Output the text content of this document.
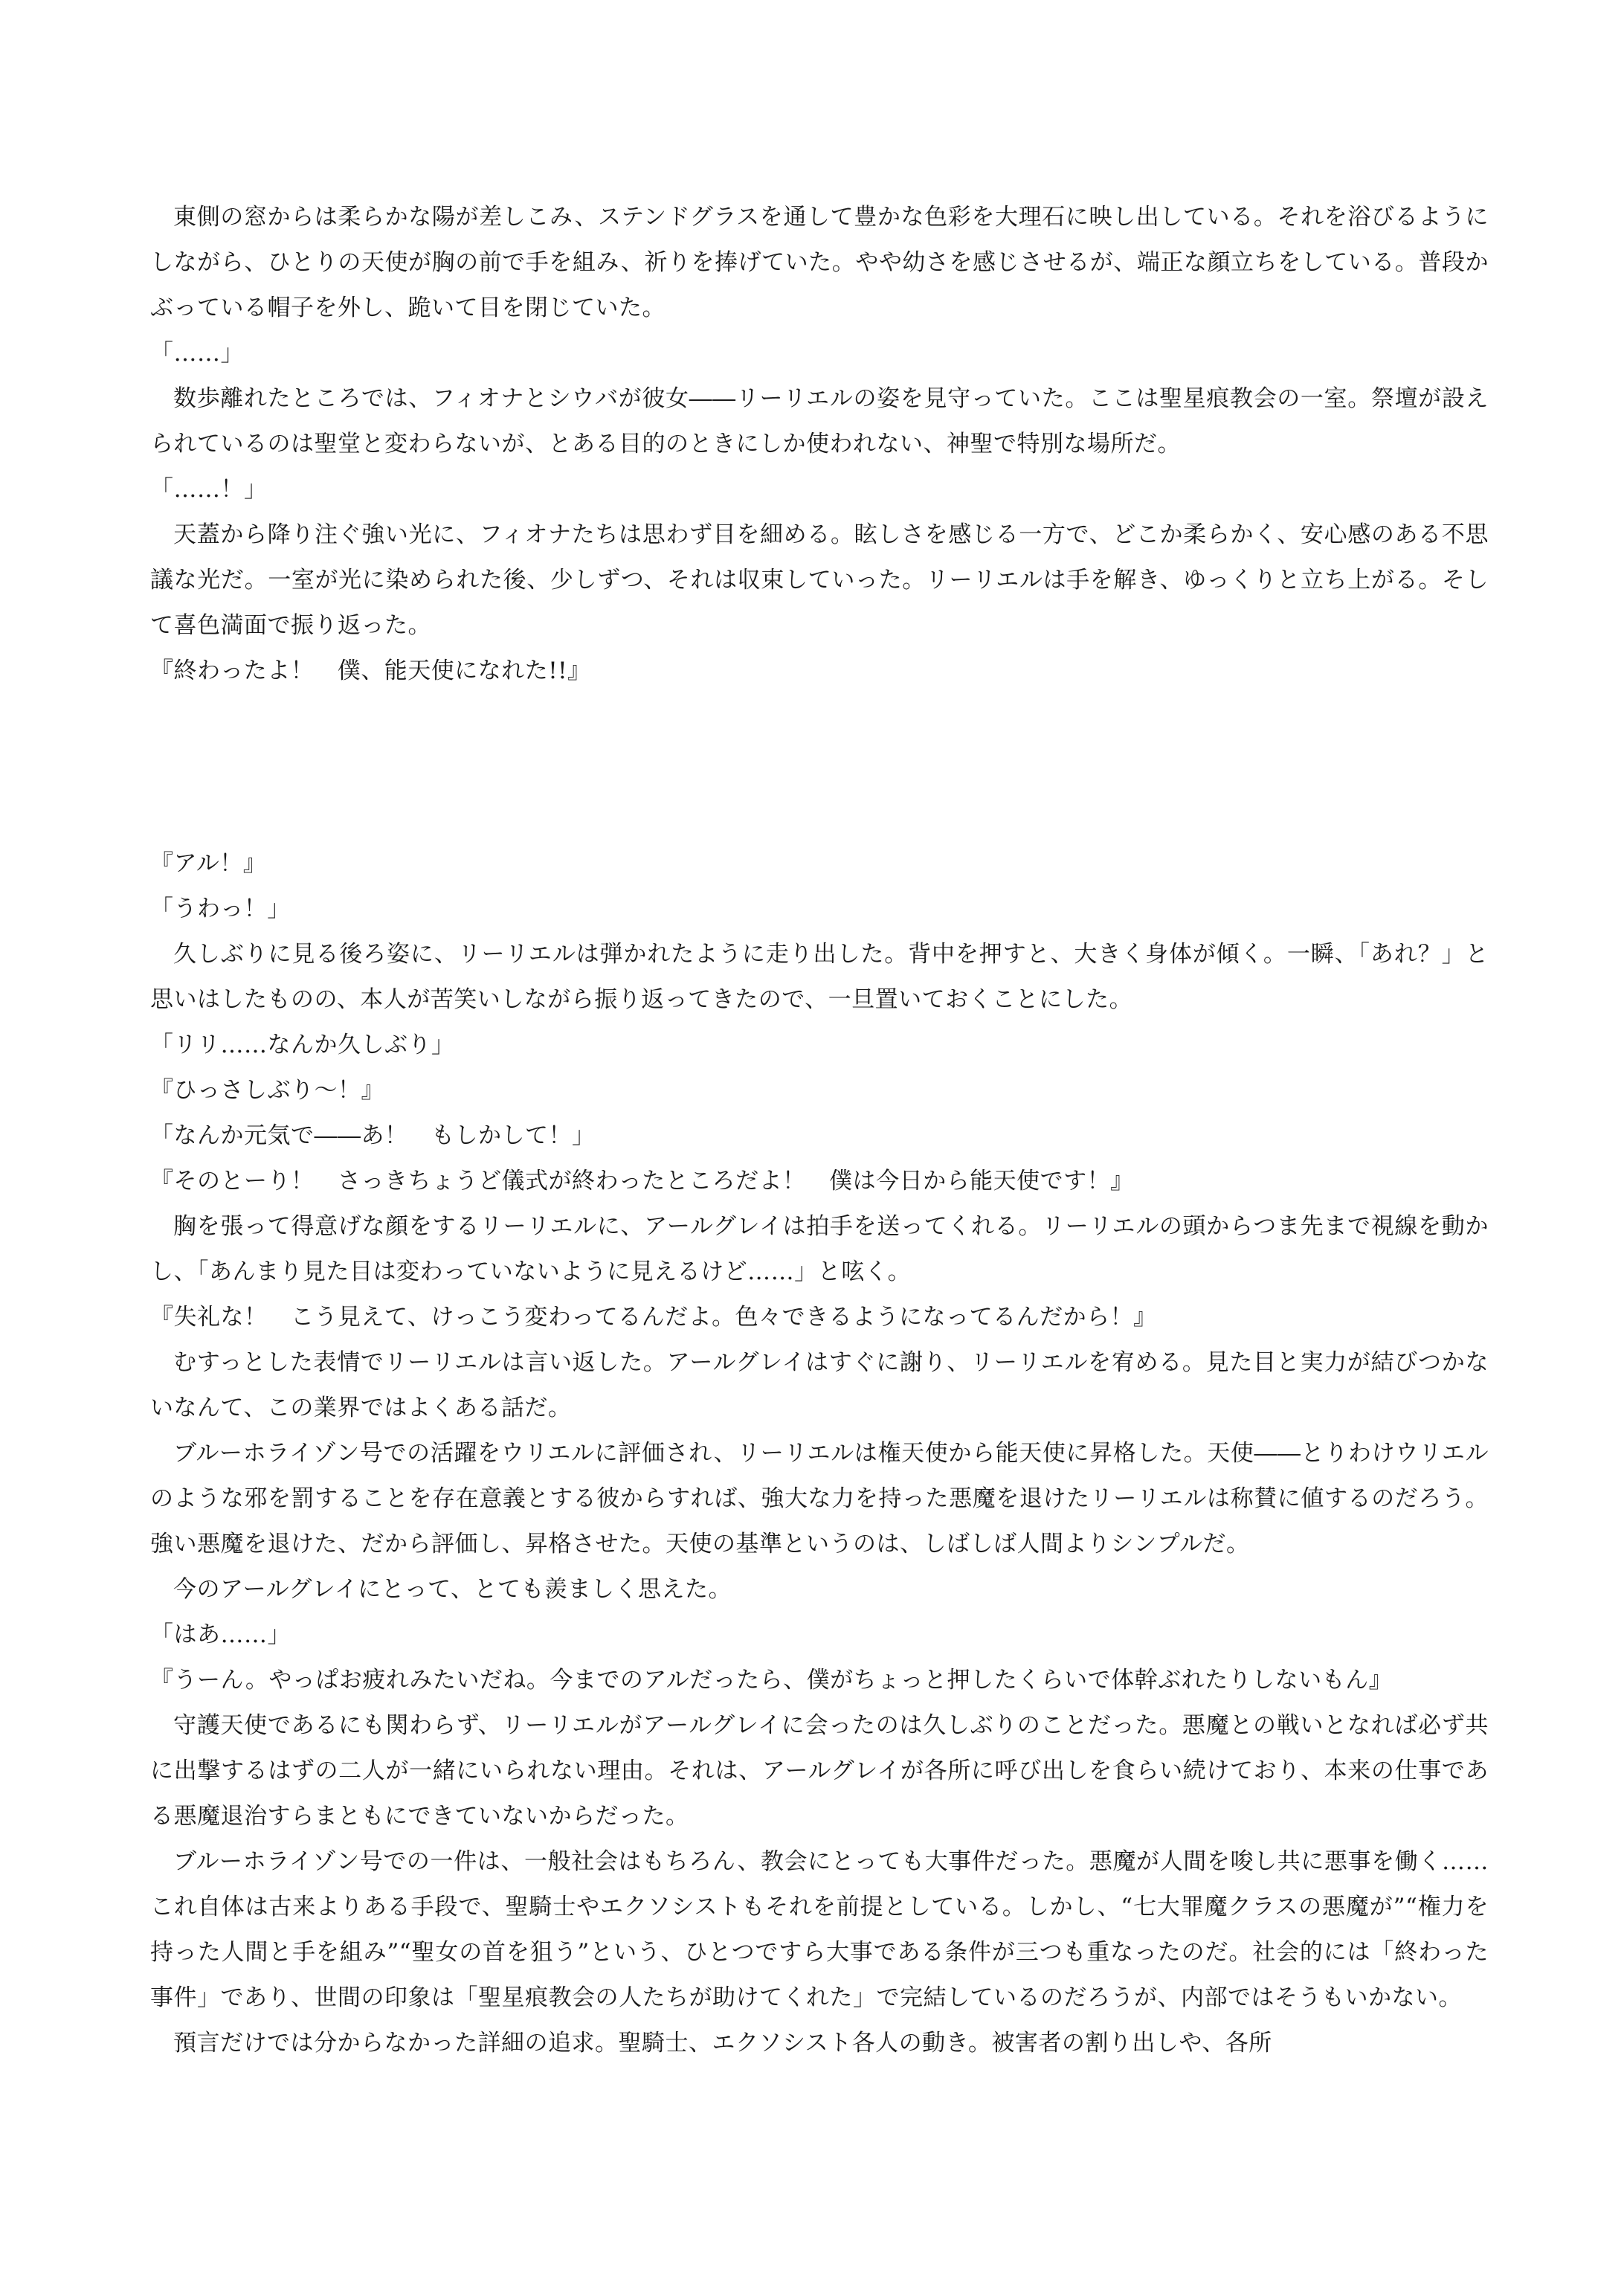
東側の窓からは柔らかな陽が差しこみ、ステンドグラスを通して豊かな色彩を大理石に映し出している。それを浴びるようにしながら、ひとりの天使が胸の前で手を組み、祈りを捧げていた。やや幼さを感じさせるが、端正な顔立ちをしている。普段かぶっている帽子を外し、跪いて目を閉じていた。

「……」

数歩離れたところでは、フィオナとシウバが彼女――リーリエルの姿を見守っていた。ここは聖星痕教会の一室。祭壇が設えられているのは聖堂と変わらないが、とある目的のときにしか使われない、神聖で特別な場所だ。

「……！」

天蓋から降り注ぐ強い光に、フィオナたちは思わず目を細める。眩しさを感じる一方で、どこか柔らかく、安心感のある不思議な光だ。一室が光に染められた後、少しずつ、それは収束していった。リーリエルは手を解き、ゆっくりと立ち上がる。そして喜色満面で振り返った。

『終わったよ！　僕、能天使になれた!!』

『アル！』

「うわっ！」

久しぶりに見る後ろ姿に、リーリエルは弾かれたように走り出した。背中を押すと、大きく身体が傾く。一瞬、「あれ？」と思いはしたものの、本人が苦笑いしながら振り返ってきたので、一旦置いておくことにした。

「リリ……なんか久しぶり」

『ひっさしぶり～！』

「なんか元気で――あ！　もしかして！」

『そのとーり！　さっきちょうど儀式が終わったところだよ！　僕は今日から能天使です！』

胸を張って得意げな顔をするリーリエルに、アールグレイは拍手を送ってくれる。リーリエルの頭からつま先まで視線を動かし、「あんまり見た目は変わっていないように見えるけど……」と呟く。

『失礼な！　こう見えて、けっこう変わってるんだよ。色々できるようになってるんだから！』

むすっとした表情でリーリエルは言い返した。アールグレイはすぐに謝り、リーリエルを宥める。見た目と実力が結びつかないなんて、この業界ではよくある話だ。

ブルーホライゾン号での活躍をウリエルに評価され、リーリエルは権天使から能天使に昇格した。天使――とりわけウリエルのような邪を罰することを存在意義とする彼からすれば、強大な力を持った悪魔を退けたリーリエルは称賛に値するのだろう。強い悪魔を退けた、だから評価し、昇格させた。天使の基準というのは、しばしば人間よりシンプルだ。

今のアールグレイにとって、とても羨ましく思えた。

「はあ……」

『うーん。やっぱお疲れみたいだね。今までのアルだったら、僕がちょっと押したくらいで体幹ぶれたりしないもん』

守護天使であるにも関わらず、リーリエルがアールグレイに会ったのは久しぶりのことだった。悪魔との戦いとなれば必ず共に出撃するはずの二人が一緒にいられない理由。それは、アールグレイが各所に呼び出しを食らい続けており、本来の仕事である悪魔退治すらまともにできていないからだった。

ブルーホライゾン号での一件は、一般社会はもちろん、教会にとっても大事件だった。悪魔が人間を唆し共に悪事を働く……これ自体は古来よりある手段で、聖騎士やエクソシストもそれを前提としている。しかし、“七大罪魔クラスの悪魔が”“権力を持った人間と手を組み”“聖女の首を狙う”という、ひとつですら大事である条件が三つも重なったのだ。社会的には「終わった事件」であり、世間の印象は「聖星痕教会の人たちが助けてくれた」で完結しているのだろうが、内部ではそうもいかない。

預言だけでは分からなかった詳細の追求。聖騎士、エクソシスト各人の動き。被害者の割り出しや、各所
